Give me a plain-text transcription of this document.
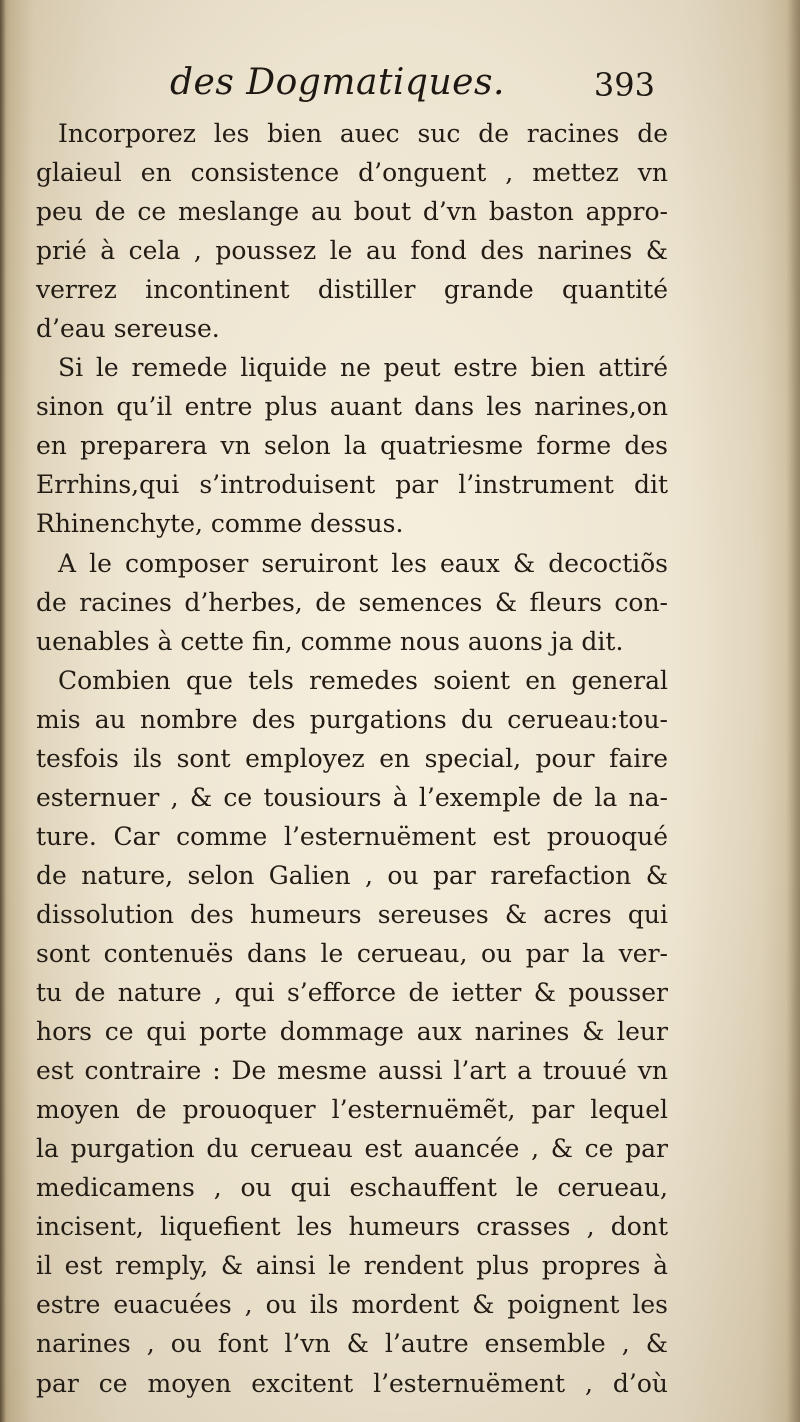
des Dogmatiques.	393
Incorporez les bien auec suc de racines de
glaieul en consistence d’onguent , mettez vn
peu de ce meslange au bout d’vn baston appro-
prié à cela , poussez le au fond des narines &
verrez incontinent distiller grande quantité
d’eau sereuse.
Si le remede liquide ne peut estre bien attiré
sinon qu’il entre plus auant dans les narines,on
en preparera vn selon la quatriesme forme des
Errhins,qui s’introduisent par l’instrument dit
Rhinenchyte, comme dessus.
A le composer seruiront les eaux & decoctiõs
de racines d’herbes, de semences & fleurs con-
uenables à cette fin, comme nous auons ja dit.
Combien que tels remedes soient en general
mis au nombre des purgations du cerueau:tou-
tesfois ils sont employez en special, pour faire
esternuer , & ce tousiours à l’exemple de la na-
ture. Car comme l’esternuëment est prouoqué
de nature, selon Galien , ou par rarefaction &
dissolution des humeurs sereuses & acres qui
sont contenuës dans le cerueau, ou par la ver-
tu de nature , qui s’efforce de ietter & pousser
hors ce qui porte dommage aux narines & leur
est contraire : De mesme aussi l’art a trouué vn
moyen de prouoquer l’esternuëmẽt, par lequel
la purgation du cerueau est auancée , & ce par
medicamens , ou qui eschauffent le cerueau,
incisent, liquefient les humeurs crasses , dont
il est remply, & ainsi le rendent plus propres à
estre euacuées , ou ils mordent & poignent les
narines , ou font l’vn & l’autre ensemble , &
par ce moyen excitent l’esternuëment , d’où
